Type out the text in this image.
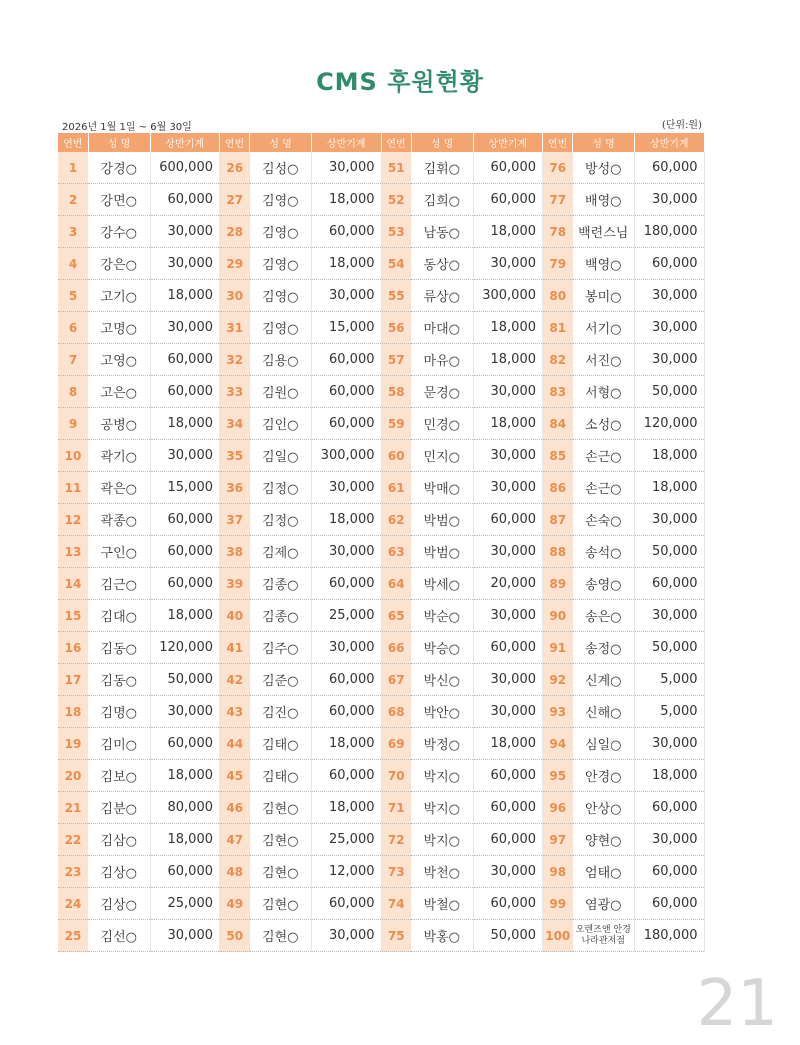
CMS 후원현황
2026년 1월 1일 ~ 6월 30일	(단위:원)
연번	성 명	상반기계	연번	성 명	상반기계	연번	성 명	상반기계	연번	성 명	상반기계
1	강경○	600,000	26	김성○	30,000	51	김휘○	60,000	76	방성○	60,000
2	강면○	60,000	27	김영○	18,000	52	김희○	60,000	77	배영○	30,000
3	강수○	30,000	28	김영○	60,000	53	남동○	18,000	78	백련스님	180,000
4	강은○	30,000	29	김영○	18,000	54	동상○	30,000	79	백영○	60,000
5	고기○	18,000	30	김영○	30,000	55	류상○	300,000	80	봉미○	30,000
6	고명○	30,000	31	김영○	15,000	56	마대○	18,000	81	서기○	30,000
7	고영○	60,000	32	김용○	60,000	57	마유○	18,000	82	서진○	30,000
8	고은○	60,000	33	김원○	60,000	58	문경○	30,000	83	서형○	50,000
9	공병○	18,000	34	김인○	60,000	59	민경○	18,000	84	소성○	120,000
10	곽기○	30,000	35	김일○	300,000	60	민지○	30,000	85	손근○	18,000
11	곽은○	15,000	36	김정○	30,000	61	박매○	30,000	86	손근○	18,000
12	곽종○	60,000	37	김정○	18,000	62	박범○	60,000	87	손숙○	30,000
13	구인○	60,000	38	김제○	30,000	63	박범○	30,000	88	송석○	50,000
14	김근○	60,000	39	김종○	60,000	64	박세○	20,000	89	송영○	60,000
15	김대○	18,000	40	김종○	25,000	65	박순○	30,000	90	송은○	30,000
16	김동○	120,000	41	김주○	30,000	66	박승○	60,000	91	송정○	50,000
17	김동○	50,000	42	김준○	60,000	67	박신○	30,000	92	신계○	5,000
18	김명○	30,000	43	김진○	60,000	68	박안○	30,000	93	신해○	5,000
19	김미○	60,000	44	김태○	18,000	69	박정○	18,000	94	심일○	30,000
20	김보○	18,000	45	김태○	60,000	70	박지○	60,000	95	안경○	18,000
21	김분○	80,000	46	김현○	18,000	71	박지○	60,000	96	안상○	60,000
22	김삼○	18,000	47	김현○	25,000	72	박지○	60,000	97	양현○	30,000
23	김상○	60,000	48	김현○	12,000	73	박천○	30,000	98	엄태○	60,000
24	김상○	25,000	49	김현○	60,000	74	박철○	60,000	99	염광○	60,000
25	김선○	30,000	50	김현○	30,000	75	박홍○	50,000	100	오렌즈앤 안경나라관저점	180,000
21
